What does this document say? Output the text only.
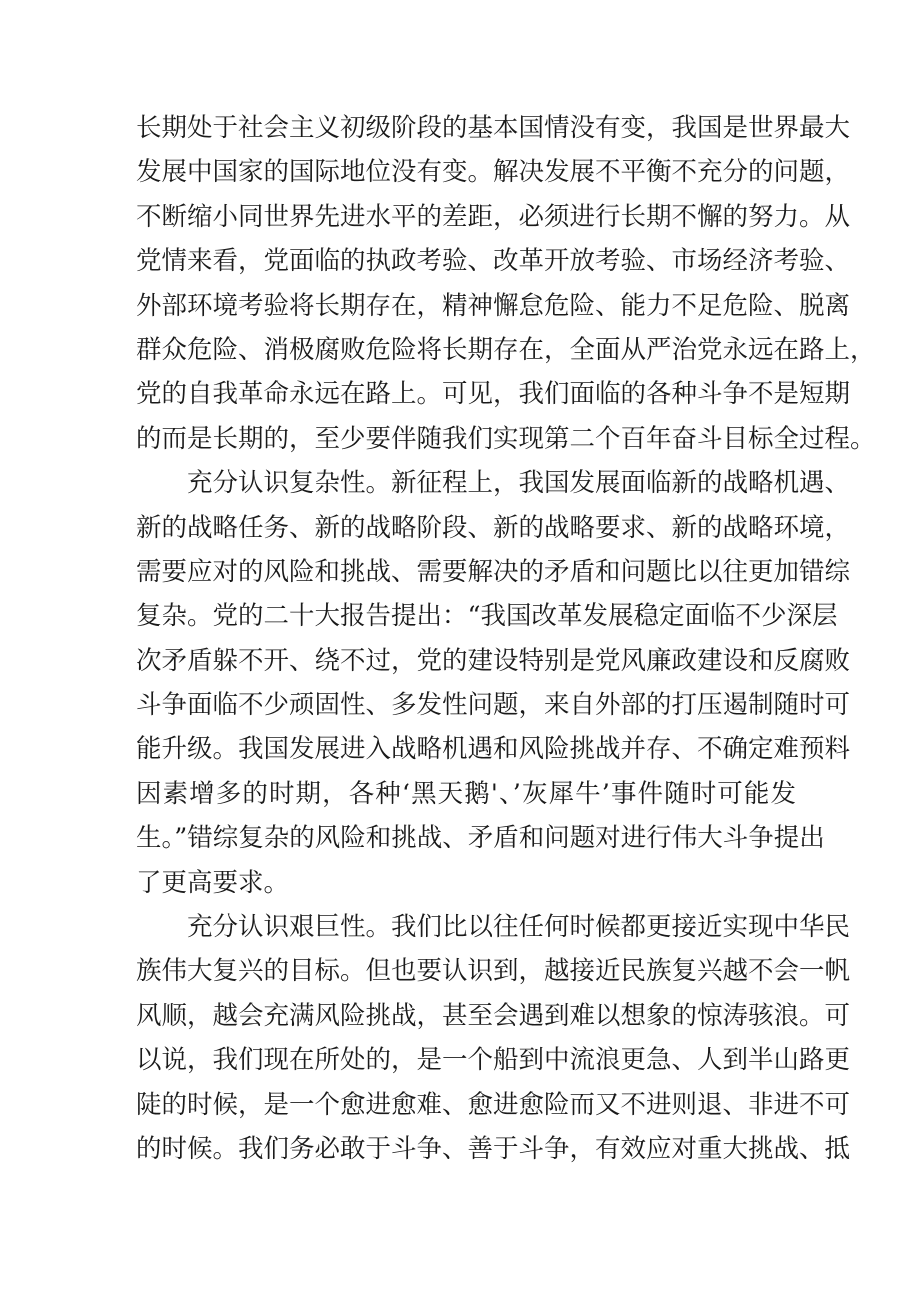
长期处于社会主义初级阶段的基本国情没有变，我国是世界最大
发展中国家的国际地位没有变。解决发展不平衡不充分的问题，
不断缩小同世界先进水平的差距，必须进行长期不懈的努力。从
党情来看，党面临的执政考验、改革开放考验、市场经济考验、
外部环境考验将长期存在，精神懈怠危险、能力不足危险、脱离
群众危险、消极腐败危险将长期存在，全面从严治党永远在路上，
党的自我革命永远在路上。可见，我们面临的各种斗争不是短期
的而是长期的，至少要伴随我们实现第二个百年奋斗目标全过程。
充分认识复杂性。新征程上，我国发展面临新的战略机遇、
新的战略任务、新的战略阶段、新的战略要求、新的战略环境，
需要应对的风险和挑战、需要解决的矛盾和问题比以往更加错综
复杂。党的二十大报告提出：“我国改革发展稳定面临不少深层
次矛盾躲不开、绕不过，党的建设特别是党风廉政建设和反腐败
斗争面临不少顽固性、多发性问题，来自外部的打压遏制随时可
能升级。我国发展进入战略机遇和风险挑战并存、不确定难预料
因素增多的时期，各种‘黑天鹅'、’灰犀牛’事件随时可能发
生。”错综复杂的风险和挑战、矛盾和问题对进行伟大斗争提出
了更高要求。
充分认识艰巨性。我们比以往任何时候都更接近实现中华民
族伟大复兴的目标。但也要认识到，越接近民族复兴越不会一帆
风顺，越会充满风险挑战，甚至会遇到难以想象的惊涛骇浪。可
以说，我们现在所处的，是一个船到中流浪更急、人到半山路更
陡的时候，是一个愈进愈难、愈进愈险而又不进则退、非进不可
的时候。我们务必敢于斗争、善于斗争，有效应对重大挑战、抵
